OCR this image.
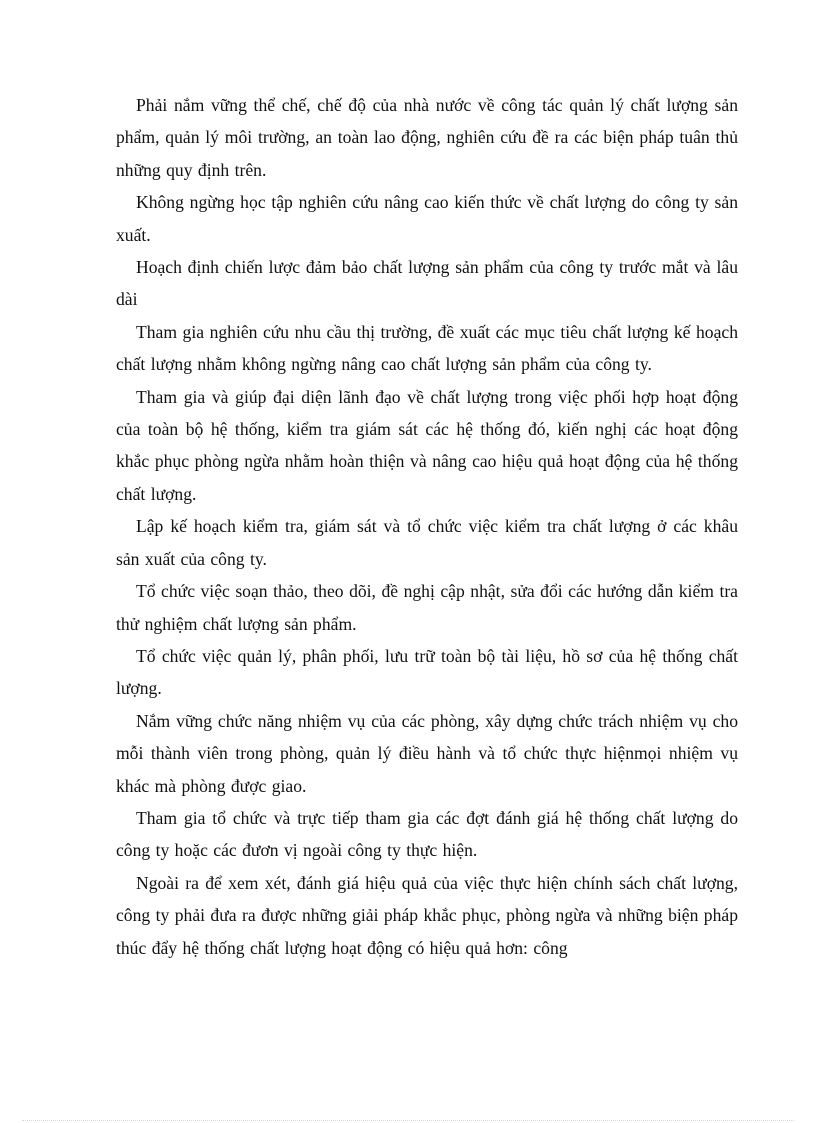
Phải nắm vững thể chế, chế độ của nhà nước về công tác quản lý chất lượng sản phẩm, quản lý môi trường, an toàn lao động, nghiên cứu đề ra các biện pháp tuân thủ những quy định trên.

Không ngừng học tập nghiên cứu nâng cao kiến thức về chất lượng do công ty sản xuất.

Hoạch định chiến lược đảm bảo chất lượng sản phẩm của công ty trước mắt và lâu dài

Tham gia nghiên cứu nhu cầu thị trường, đề xuất các mục tiêu chất lượng kế hoạch chất lượng nhằm không ngừng nâng cao chất lượng sản phẩm của công ty.

Tham gia và giúp đại diện lãnh đạo về chất lượng trong việc phối hợp hoạt động của toàn bộ hệ thống, kiểm tra giám sát các hệ thống đó, kiến nghị các hoạt động khắc phục phòng ngừa nhằm hoàn thiện và nâng cao hiệu quả hoạt động của hệ thống chất lượng.

Lập kế hoạch kiểm tra, giám sát và tổ chức việc kiểm tra chất lượng ở các khâu sản xuất của công ty.

Tổ chức việc soạn thảo, theo dõi, đề nghị cập nhật, sửa đổi các hướng dẫn kiểm tra thử nghiệm chất lượng sản phẩm.

Tổ chức việc quản lý, phân phối, lưu trữ toàn bộ tài liệu, hồ sơ của hệ thống chất lượng.

Nắm vững chức năng nhiệm vụ của các phòng, xây dựng chức trách nhiệm vụ cho mỗi thành viên trong phòng, quản lý điều hành và tổ chức thực hiệnmọi nhiệm vụ khác mà phòng được giao.

Tham gia tổ chức và trực tiếp tham gia các đợt đánh giá hệ thống chất lượng do công ty hoặc các đươn vị ngoài công ty thực hiện.

Ngoài ra để xem xét, đánh giá hiệu quả của việc thực hiện chính sách chất lượng, công ty phải đưa ra được những giải pháp khắc phục, phòng ngừa và những biện pháp thúc đẩy hệ thống chất lượng hoạt động có hiệu quả hơn: công
